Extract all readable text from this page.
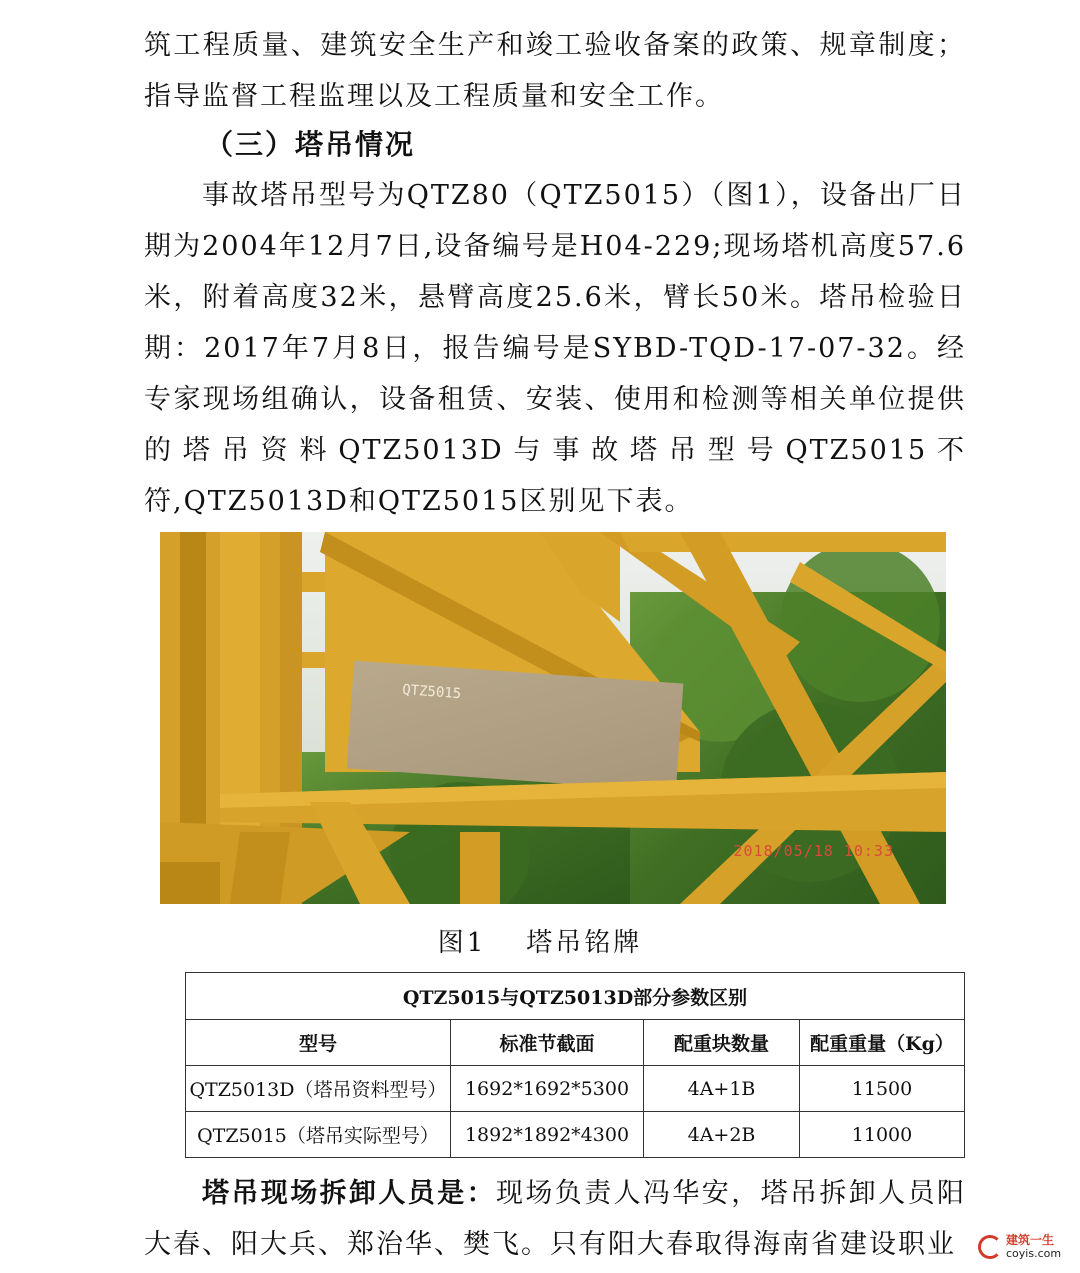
筑工程质量、建筑安全生产和竣工验收备案的政策、规章制度；指导监督工程监理以及工程质量和安全工作。

（三）塔吊情况

事故塔吊型号为QTZ80（QTZ5015）（图1），设备出厂日期为2004年12月7日,设备编号是H04-229;现场塔机高度57.6 米，附着高度32米，悬臂高度25.6米，臂长50米。塔吊检验日期：2017年7月8日，报告编号是SYBD-TQD-17-07-32。经专家现场组确认，设备租赁、安装、使用和检测等相关单位提供的塔吊资料QTZ5013D与事故塔吊型号QTZ5015不符,QTZ5013D和QTZ5015区别见下表。

QTZ5015
2018/05/18 10:33

图1 塔吊铭牌

QTZ5015与QTZ5013D部分参数区别			
型号	标准节截面	配重块数量	配重重量（Kg）
QTZ5013D（塔吊资料型号）	1692*1692*5300	4A+1B	11500
QTZ5015（塔吊实际型号）	1892*1892*4300	4A+2B	11000

塔吊现场拆卸人员是：现场负责人冯华安，塔吊拆卸人员阳大春、阳大兵、郑治华、樊飞。只有阳大春取得海南省建设职业	建筑一生
coyis.com
